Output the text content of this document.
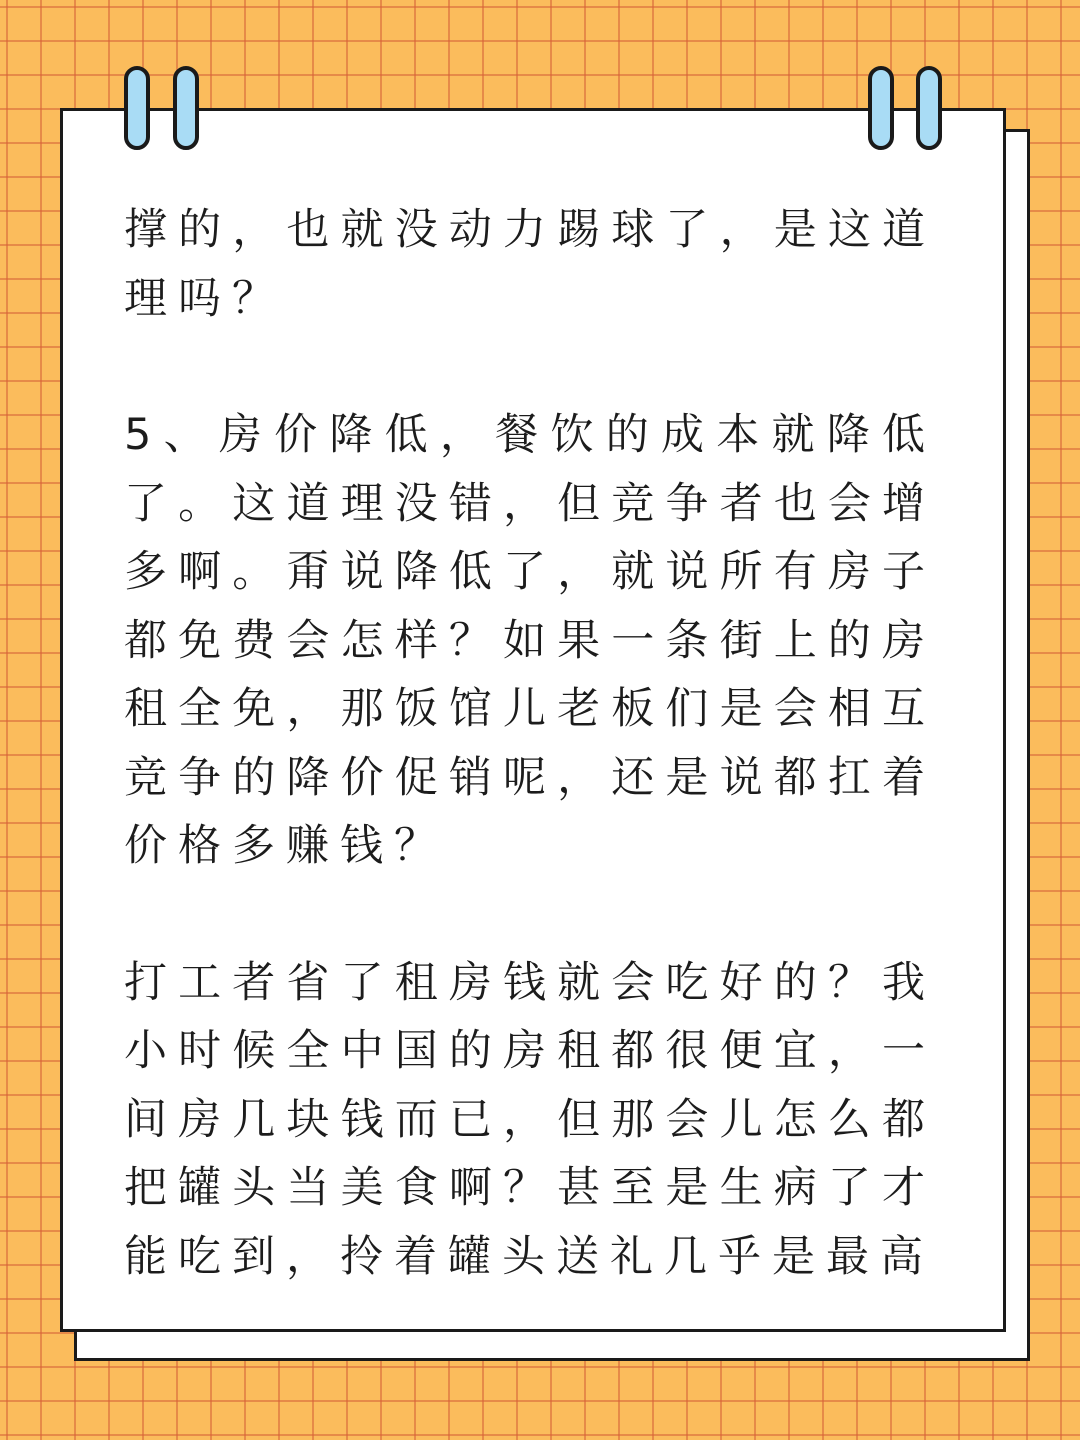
撑的，也就没动力踢球了，是这道理吗？

5、房价降低，餐饮的成本就降低了。这道理没错，但竞争者也会增多啊。甭说降低了，就说所有房子都免费会怎样？如果一条街上的房租全免，那饭馆儿老板们是会相互竞争的降价促销呢，还是说都扛着价格多赚钱？

打工者省了租房钱就会吃好的？我小时候全中国的房租都很便宜，一间房几块钱而已，但那会儿怎么都把罐头当美食啊？甚至是生病了才能吃到，拎着罐头送礼几乎是最高
